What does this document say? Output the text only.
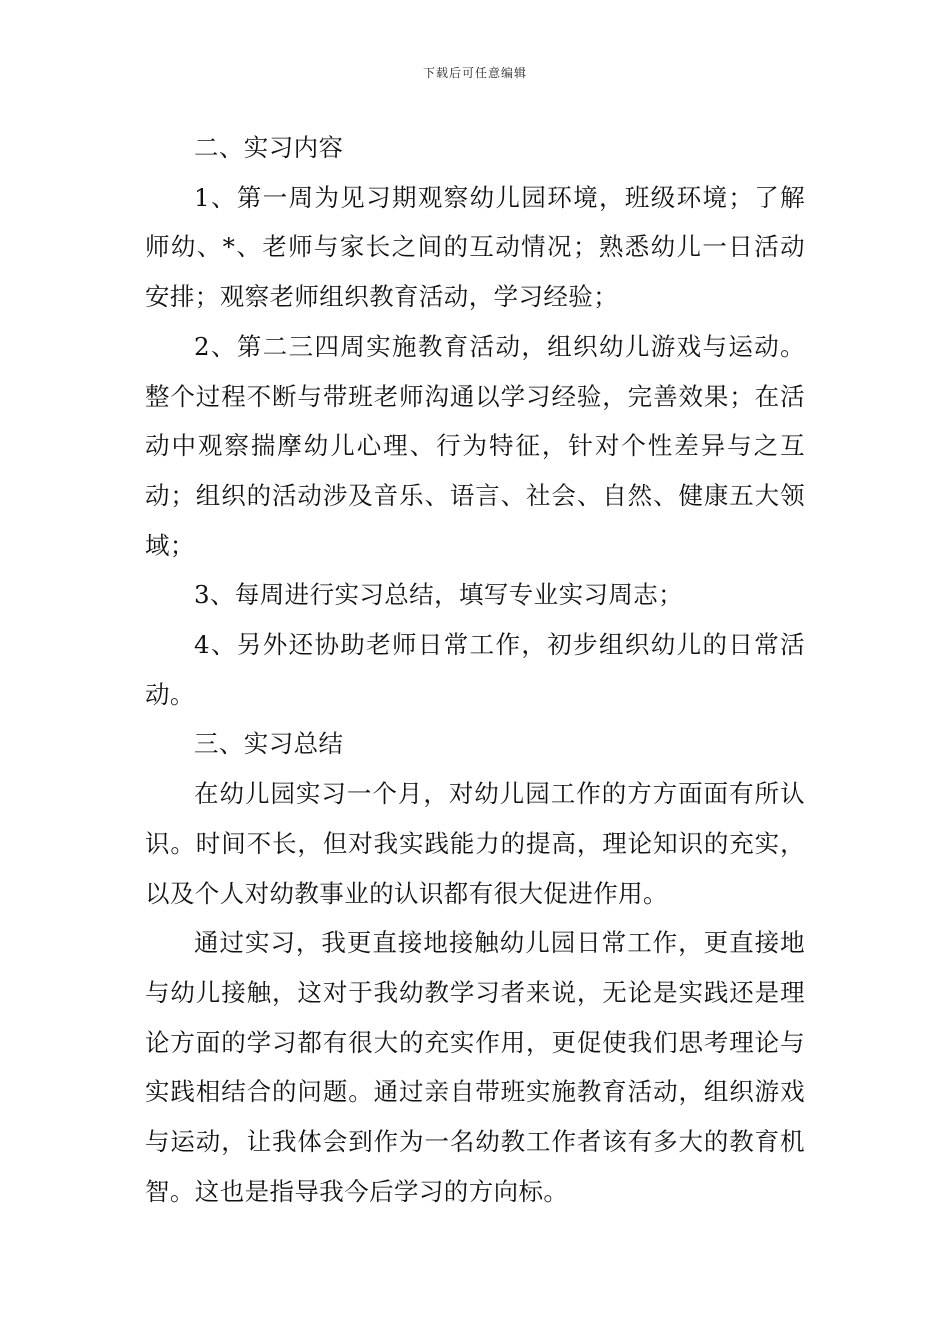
下载后可任意编辑

二、实习内容

1、第一周为见习期观察幼儿园环境，班级环境；了解师幼、*、老师与家长之间的互动情况；熟悉幼儿一日活动安排；观察老师组织教育活动，学习经验；

2、第二三四周实施教育活动，组织幼儿游戏与运动。整个过程不断与带班老师沟通以学习经验，完善效果；在活动中观察揣摩幼儿心理、行为特征，针对个性差异与之互动；组织的活动涉及音乐、语言、社会、自然、健康五大领域；

3、每周进行实习总结，填写专业实习周志；

4、另外还协助老师日常工作，初步组织幼儿的日常活动。

三、实习总结

在幼儿园实习一个月，对幼儿园工作的方方面面有所认识。时间不长，但对我实践能力的提高，理论知识的充实，以及个人对幼教事业的认识都有很大促进作用。

通过实习，我更直接地接触幼儿园日常工作，更直接地与幼儿接触，这对于我幼教学习者来说，无论是实践还是理论方面的学习都有很大的充实作用，更促使我们思考理论与实践相结合的问题。通过亲自带班实施教育活动，组织游戏与运动，让我体会到作为一名幼教工作者该有多大的教育机智。这也是指导我今后学习的方向标。
